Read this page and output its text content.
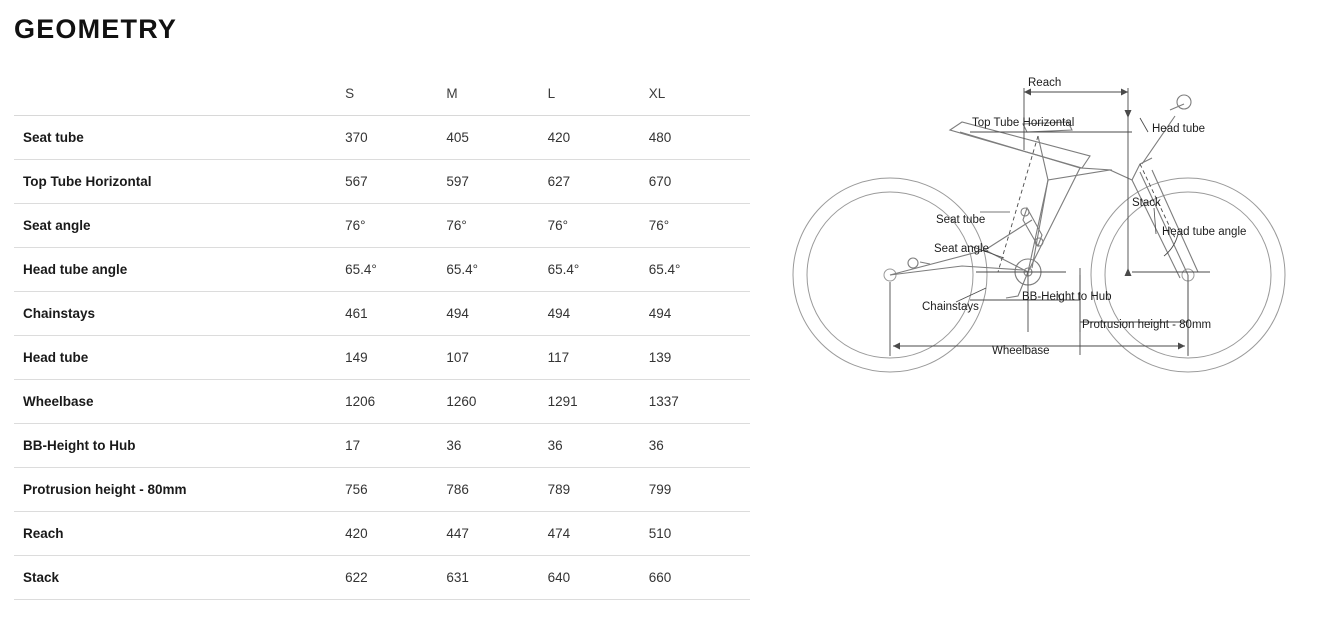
GEOMETRY
	S	M	L	XL
Seat tube	370	405	420	480
Top Tube Horizontal	567	597	627	670
Seat angle	76°	76°	76°	76°
Head tube angle	65.4°	65.4°	65.4°	65.4°
Chainstays	461	494	494	494
Head tube	149	107	117	139
Wheelbase	1206	1260	1291	1337
BB-Height to Hub	17	36	36	36
Protrusion height - 80mm	756	786	789	799
Reach	420	447	474	510
Stack	622	631	640	660
Reach
Top Tube Horizontal	Head tube
Stack
Seat tube
Seat angle
Head tube angle
Chainstays
BB-Height to Hub
Protrusion height - 80mm
Wheelbase
